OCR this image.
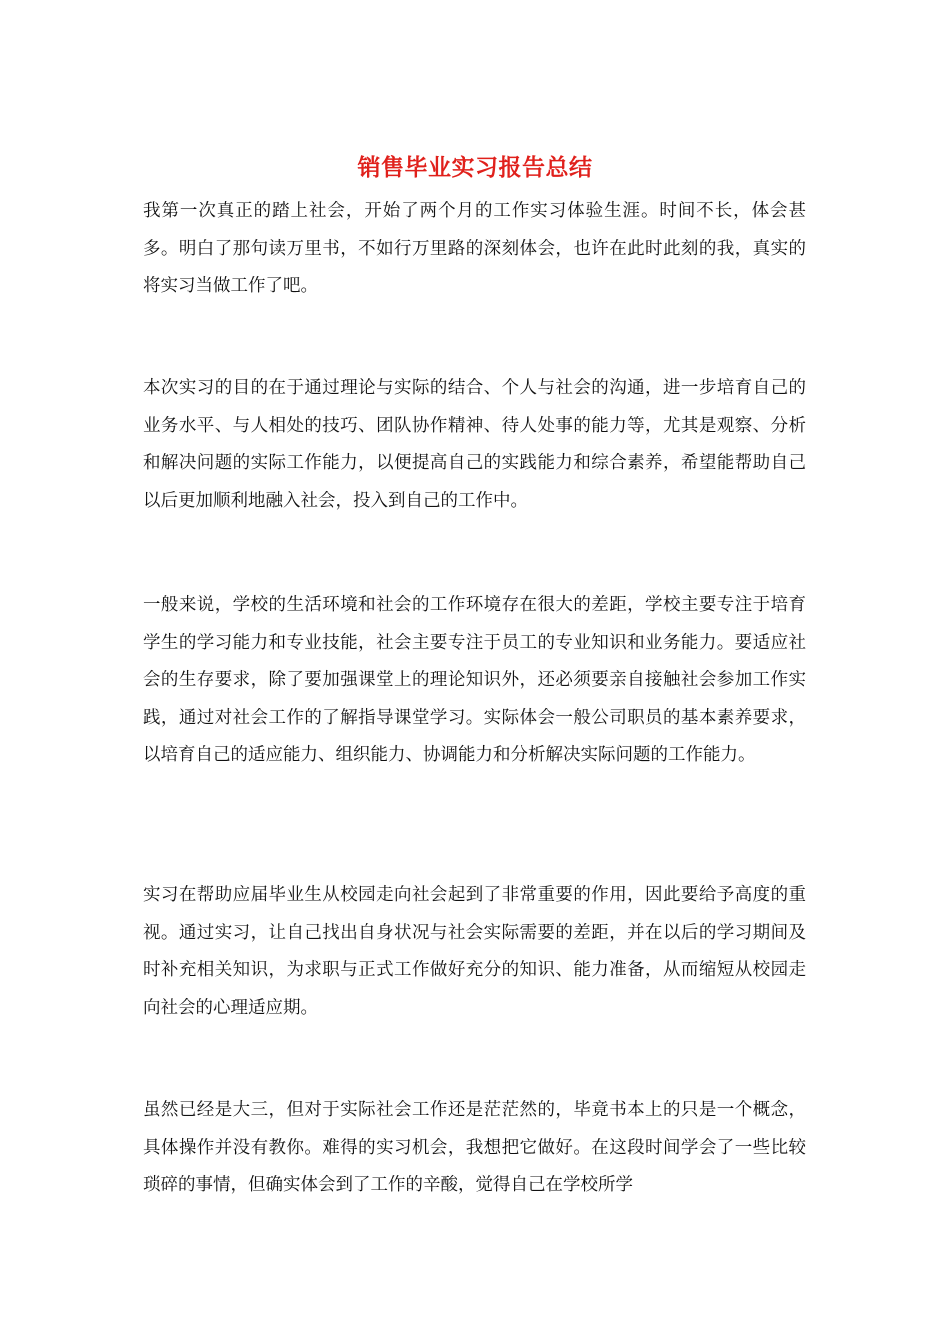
销售毕业实习报告总结

我第一次真正的踏上社会，开始了两个月的工作实习体验生涯。时间不长，体会甚多。明白了那句读万里书，不如行万里路的深刻体会，也许在此时此刻的我，真实的将实习当做工作了吧。

本次实习的目的在于通过理论与实际的结合、个人与社会的沟通，进一步培育自己的业务水平、与人相处的技巧、团队协作精神、待人处事的能力等，尤其是观察、分析和解决问题的实际工作能力，以便提高自己的实践能力和综合素养，希望能帮助自己以后更加顺利地融入社会，投入到自己的工作中。

一般来说，学校的生活环境和社会的工作环境存在很大的差距，学校主要专注于培育学生的学习能力和专业技能，社会主要专注于员工的专业知识和业务能力。要适应社会的生存要求，除了要加强课堂上的理论知识外，还必须要亲自接触社会参加工作实践，通过对社会工作的了解指导课堂学习。实际体会一般公司职员的基本素养要求，以培育自己的适应能力、组织能力、协调能力和分析解决实际问题的工作能力。

实习在帮助应届毕业生从校园走向社会起到了非常重要的作用，因此要给予高度的重视。通过实习，让自己找出自身状况与社会实际需要的差距，并在以后的学习期间及时补充相关知识，为求职与正式工作做好充分的知识、能力准备，从而缩短从校园走向社会的心理适应期。

虽然已经是大三，但对于实际社会工作还是茫茫然的，毕竟书本上的只是一个概念，具体操作并没有教你。难得的实习机会，我想把它做好。在这段时间学会了一些比较琐碎的事情，但确实体会到了工作的辛酸，觉得自己在学校所学
